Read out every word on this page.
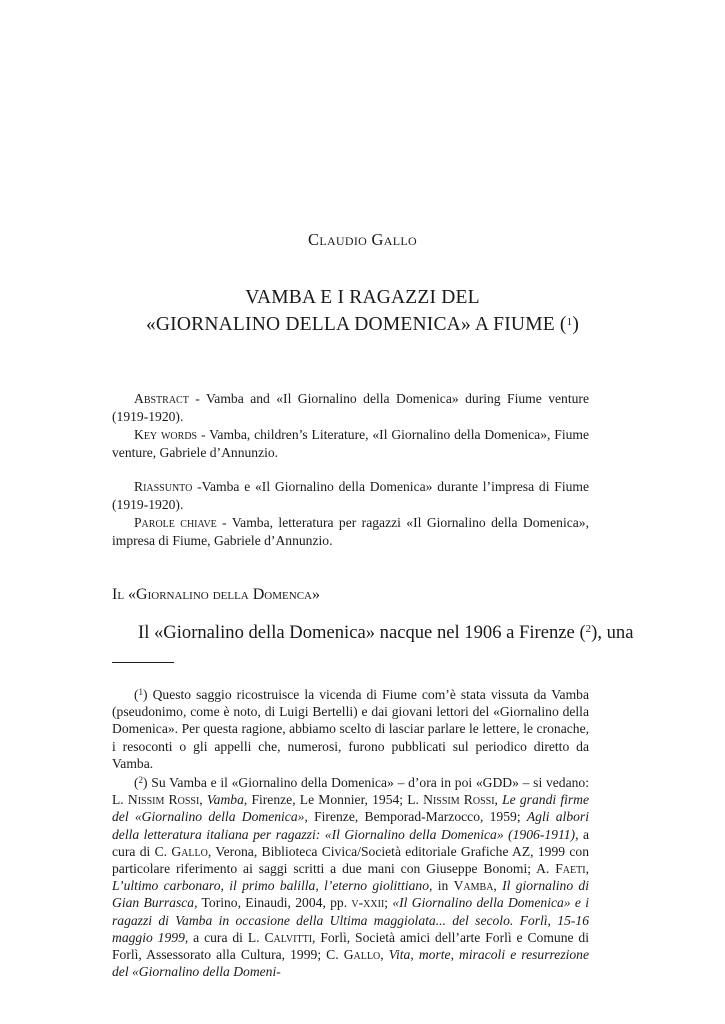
Claudio Gallo
VAMBA E I RAGAZZI DEL
«GIORNALINO DELLA DOMENICA» A FIUME ($^1$)

Abstract - Vamba and «Il Giornalino della Domenica» during Fiume venture (1919-1920).

Key words - Vamba, children’s Literature, «Il Giornalino della Domenica», Fiume venture, Gabriele d’Annunzio.

Riassunto -Vamba e «Il Giornalino della Domenica» durante l’impresa di Fiume (1919-1920).

Parole chiave - Vamba, letteratura per ragazzi «Il Giornalino della Domenica», impresa di Fiume, Gabriele d’Annunzio.

Il «Giornalino della Domenca»
Il «Giornalino della Domenica» nacque nel 1906 a Firenze ($^2$), una

($^1$) Questo saggio ricostruisce la vicenda di Fiume com’è stata vissuta da Vamba (pseudonimo, come è noto, di Luigi Bertelli) e dai giovani lettori del «Giornalino della Domenica». Per questa ragione, abbiamo scelto di lasciar parlare le lettere, le cronache, i resoconti o gli appelli che, numerosi, furono pubblicati sul periodico diretto da Vamba.

($^2$) Su Vamba e il «Giornalino della Domenica» – d’ora in poi «GDD» – si vedano: L. Nissim Rossi, Vamba, Firenze, Le Monnier, 1954; L. Nissim Rossi, Le grandi firme del «Giornalino della Domenica», Firenze, Bemporad-Marzocco, 1959; Agli albori della letteratura italiana per ragazzi: «Il Giornalino della Domenica» (1906-1911), a cura di C. Gallo, Verona, Biblioteca Civica/Società editoriale Grafiche AZ, 1999 con particolare riferimento ai saggi scritti a due mani con Giuseppe Bonomi; A. Faeti, L’ultimo carbonaro, il primo balilla, l’eterno giolittiano, in Vamba, Il giornalino di Gian Burrasca, Torino, Einaudi, 2004, pp. v-xxii; «Il Giornalino della Domenica» e i ragazzi di Vamba in occasione della Ultima maggiolata... del secolo. Forlì, 15-16 maggio 1999, a cura di L. Calvitti, Forlì, Società amici dell’arte Forlì e Comune di Forlì, Assessorato alla Cultura, 1999; C. Gallo, Vita, morte, miracoli e resurrezione del «Giornalino della Domeni-
